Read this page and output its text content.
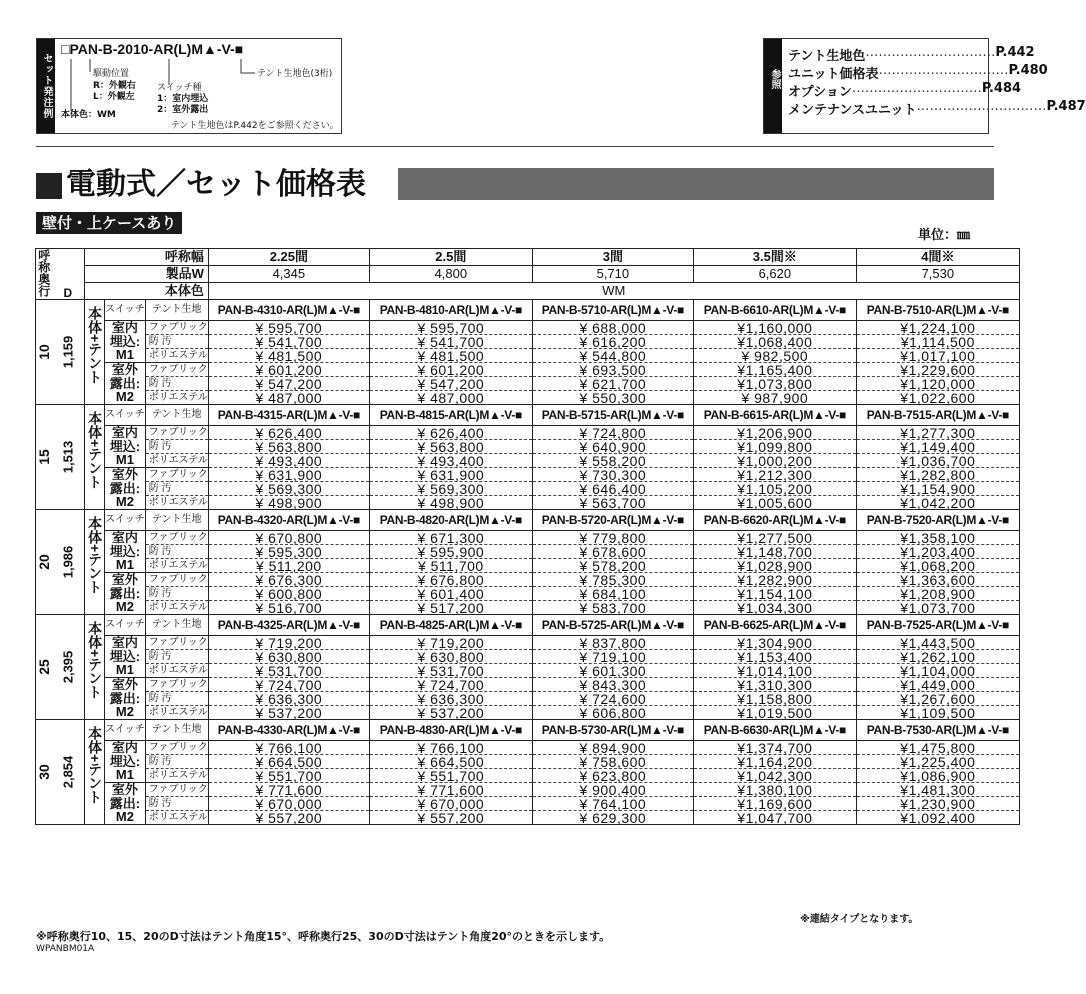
セット発注例
□PAN-B-2010-AR(L)M▲-V-■
テント生地色(3桁)
駆動位置
R：外観右
L：外観左
スイッチ種
1：室内埋込
2：室外露出
本体色：WM
テント生地色はP.442をご参照ください。
参照
テント生地色 ………………………… P.442
ユニット価格表 ………………………… P.480
オプション ………………………… P.484
メンテナンスユニット ………………………… P.487
電動式／セット価格表
壁付・上ケースあり
単位：㎜
呼称奥行	D	呼称幅			2.25間	2.5間	3間	3.5間※	4間※
		製品W			4,345	4,800	5,710	6,620	7,530
		本体色			WM				
10	1,159	本体+テント	スイッチ	テント生地	PAN-B-4310-AR(L)M▲-V-■	PAN-B-4810-AR(L)M▲-V-■	PAN-B-5710-AR(L)M▲-V-■	PAN-B-6610-AR(L)M▲-V-■	PAN-B-7510-AR(L)M▲-V-■
			室内	ファブリック	¥ 595,700	¥ 595,700	¥ 688,000	¥1,160,000	¥1,224,100
			埋込:	防 汚	¥ 541,700	¥ 541,700	¥ 616,200	¥1,068,400	¥1,114,500
			M1	ポリエステル	¥ 481,500	¥ 481,500	¥ 544,800	¥ 982,500	¥1,017,100
			室外	ファブリック	¥ 601,200	¥ 601,200	¥ 693,500	¥1,165,400	¥1,229,600
			露出:	防 汚	¥ 547,200	¥ 547,200	¥ 621,700	¥1,073,800	¥1,120,000
			M2	ポリエステル	¥ 487,000	¥ 487,000	¥ 550,300	¥ 987,900	¥1,022,600
15	1,513	本体+テント	スイッチ	テント生地	PAN-B-4315-AR(L)M▲-V-■	PAN-B-4815-AR(L)M▲-V-■	PAN-B-5715-AR(L)M▲-V-■	PAN-B-6615-AR(L)M▲-V-■	PAN-B-7515-AR(L)M▲-V-■
			室内	ファブリック	¥ 626,400	¥ 626,400	¥ 724,800	¥1,206,900	¥1,277,300
			埋込:	防 汚	¥ 563,800	¥ 563,800	¥ 640,900	¥1,099,800	¥1,149,400
			M1	ポリエステル	¥ 493,400	¥ 493,400	¥ 558,200	¥1,000,200	¥1,036,700
			室外	ファブリック	¥ 631,900	¥ 631,900	¥ 730,300	¥1,212,300	¥1,282,800
			露出:	防 汚	¥ 569,300	¥ 569,300	¥ 646,400	¥1,105,200	¥1,154,900
			M2	ポリエステル	¥ 498,900	¥ 498,900	¥ 563,700	¥1,005,600	¥1,042,200
20	1,986	本体+テント	スイッチ	テント生地	PAN-B-4320-AR(L)M▲-V-■	PAN-B-4820-AR(L)M▲-V-■	PAN-B-5720-AR(L)M▲-V-■	PAN-B-6620-AR(L)M▲-V-■	PAN-B-7520-AR(L)M▲-V-■
			室内	ファブリック	¥ 670,800	¥ 671,300	¥ 779,800	¥1,277,500	¥1,358,100
			埋込:	防 汚	¥ 595,300	¥ 595,900	¥ 678,600	¥1,148,700	¥1,203,400
			M1	ポリエステル	¥ 511,200	¥ 511,700	¥ 578,200	¥1,028,900	¥1,068,200
			室外	ファブリック	¥ 676,300	¥ 676,800	¥ 785,300	¥1,282,900	¥1,363,600
			露出:	防 汚	¥ 600,800	¥ 601,400	¥ 684,100	¥1,154,100	¥1,208,900
			M2	ポリエステル	¥ 516,700	¥ 517,200	¥ 583,700	¥1,034,300	¥1,073,700
25	2,395	本体+テント	スイッチ	テント生地	PAN-B-4325-AR(L)M▲-V-■	PAN-B-4825-AR(L)M▲-V-■	PAN-B-5725-AR(L)M▲-V-■	PAN-B-6625-AR(L)M▲-V-■	PAN-B-7525-AR(L)M▲-V-■
			室内	ファブリック	¥ 719,200	¥ 719,200	¥ 837,800	¥1,304,900	¥1,443,500
			埋込:	防 汚	¥ 630,800	¥ 630,800	¥ 719,100	¥1,153,400	¥1,262,100
			M1	ポリエステル	¥ 531,700	¥ 531,700	¥ 601,300	¥1,014,100	¥1,104,000
			室外	ファブリック	¥ 724,700	¥ 724,700	¥ 843,300	¥1,310,300	¥1,449,000
			露出:	防 汚	¥ 636,300	¥ 636,300	¥ 724,600	¥1,158,800	¥1,267,600
			M2	ポリエステル	¥ 537,200	¥ 537,200	¥ 606,800	¥1,019,500	¥1,109,500
30	2,854	本体+テント	スイッチ	テント生地	PAN-B-4330-AR(L)M▲-V-■	PAN-B-4830-AR(L)M▲-V-■	PAN-B-5730-AR(L)M▲-V-■	PAN-B-6630-AR(L)M▲-V-■	PAN-B-7530-AR(L)M▲-V-■
			室内	ファブリック	¥ 766,100	¥ 766,100	¥ 894,900	¥1,374,700	¥1,475,800
			埋込:	防 汚	¥ 664,500	¥ 664,500	¥ 758,600	¥1,164,200	¥1,225,400
			M1	ポリエステル	¥ 551,700	¥ 551,700	¥ 623,800	¥1,042,300	¥1,086,900
			室外	ファブリック	¥ 771,600	¥ 771,600	¥ 900,400	¥1,380,100	¥1,481,300
			露出:	防 汚	¥ 670,000	¥ 670,000	¥ 764,100	¥1,169,600	¥1,230,900
			M2	ポリエステル	¥ 557,200	¥ 557,200	¥ 629,300	¥1,047,700	¥1,092,400
※連結タイプとなります。
※呼称奥行10、15、20のD寸法はテント角度15°、呼称奥行25、30のD寸法はテント角度20°のときを示します。
WPANBM01A
